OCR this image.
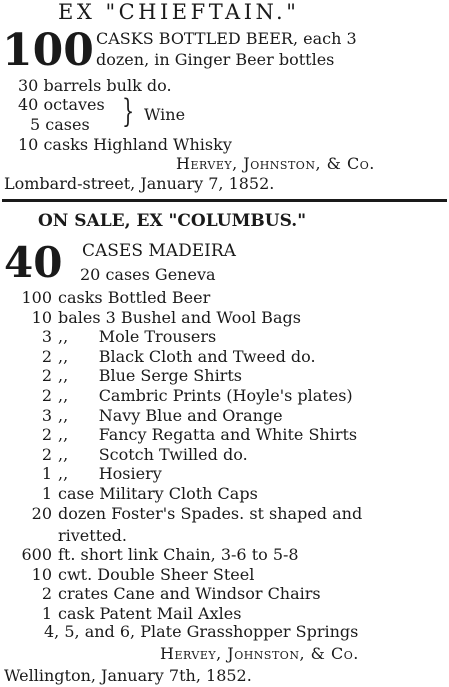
EX "CHIEFTAIN."
100 CASKS BOTTLED BEER, each 3
dozen, in Ginger Beer bottles
30 barrels bulk do.
40 octaves
5 cases } Wine
10 casks Highland Whisky
Hervey, Johnston, & Co.
Lombard-street, January 7, 1852.
ON SALE, EX "COLUMBUS."
40 CASES MADEIRA
20 cases Geneva
100 casks Bottled Beer
10 bales 3 Bushel and Wool Bags
3 ,,      Mole Trousers
2 ,,      Black Cloth and Tweed do.
2 ,,      Blue Serge Shirts
2 ,,      Cambric Prints (Hoyle's plates)
3 ,,      Navy Blue and Orange
2 ,,      Fancy Regatta and White Shirts
2 ,,      Scotch Twilled do.
1 ,,      Hosiery
1 case Military Cloth Caps
20 dozen Foster's Spades. st shaped and
rivetted.
600 ft. short link Chain, 3-6 to 5-8
10 cwt. Double Sheer Steel
2 crates Cane and Windsor Chairs
1 cask Patent Mail Axles
4, 5, and 6, Plate Grasshopper Springs
Hervey, Johnston, & Co.
Wellington, January 7th, 1852.
